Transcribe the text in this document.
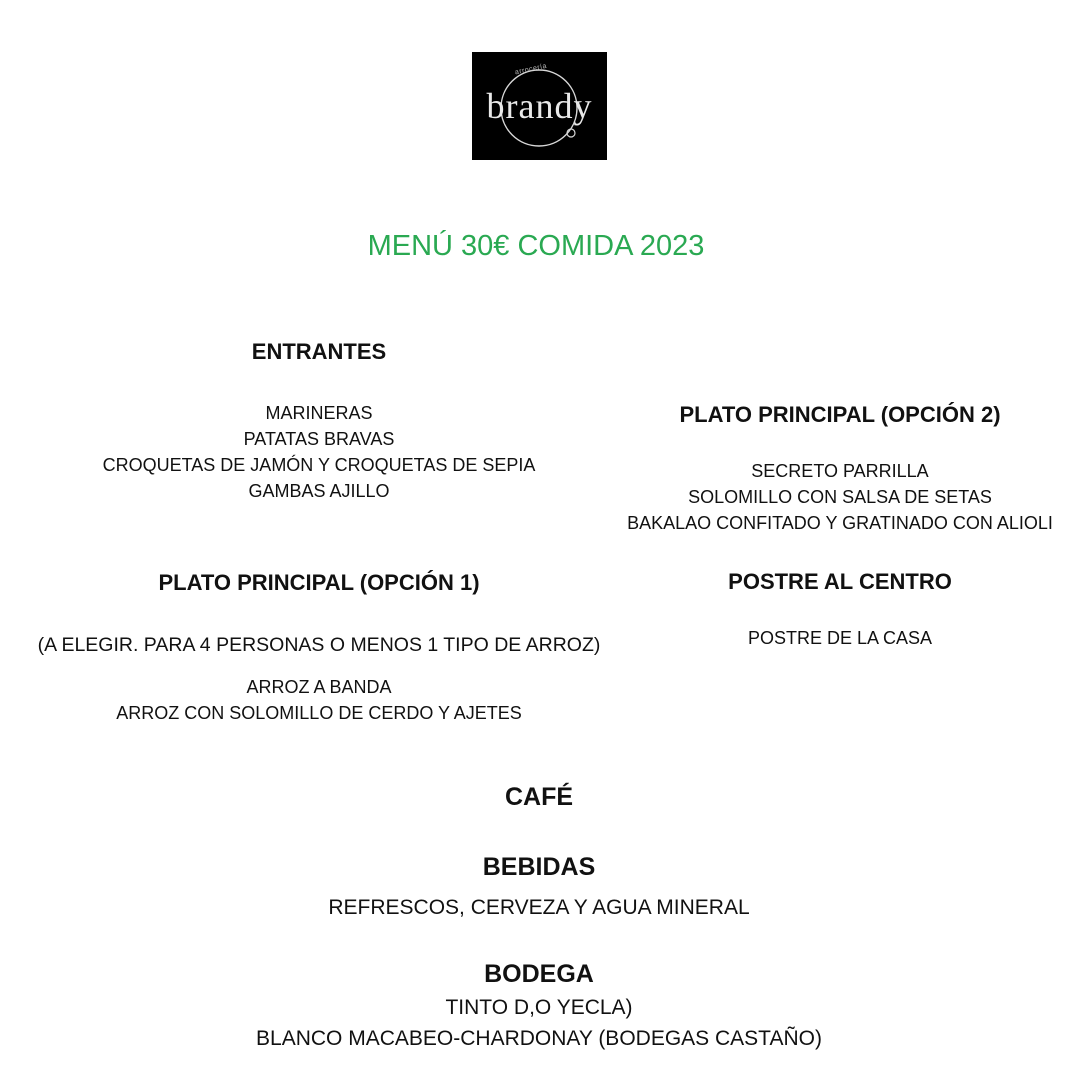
arrocería
brandy
MENÚ 30€ COMIDA 2023
ENTRANTES
MARINERAS
PATATAS BRAVAS
CROQUETAS DE JAMÓN Y CROQUETAS DE SEPIA
GAMBAS AJILLO
PLATO PRINCIPAL (OPCIÓN 1)
(A ELEGIR. PARA 4 PERSONAS O MENOS 1 TIPO DE ARROZ)
ARROZ A BANDA
ARROZ CON SOLOMILLO DE CERDO Y AJETES
PLATO PRINCIPAL (OPCIÓN 2)
SECRETO PARRILLA
SOLOMILLO CON SALSA DE SETAS
BAKALAO CONFITADO Y GRATINADO CON ALIOLI
POSTRE AL CENTRO
POSTRE DE LA CASA
CAFÉ
BEBIDAS
REFRESCOS, CERVEZA Y AGUA MINERAL
BODEGA
TINTO D,O YECLA)
BLANCO MACABEO-CHARDONAY (BODEGAS CASTAÑO)
